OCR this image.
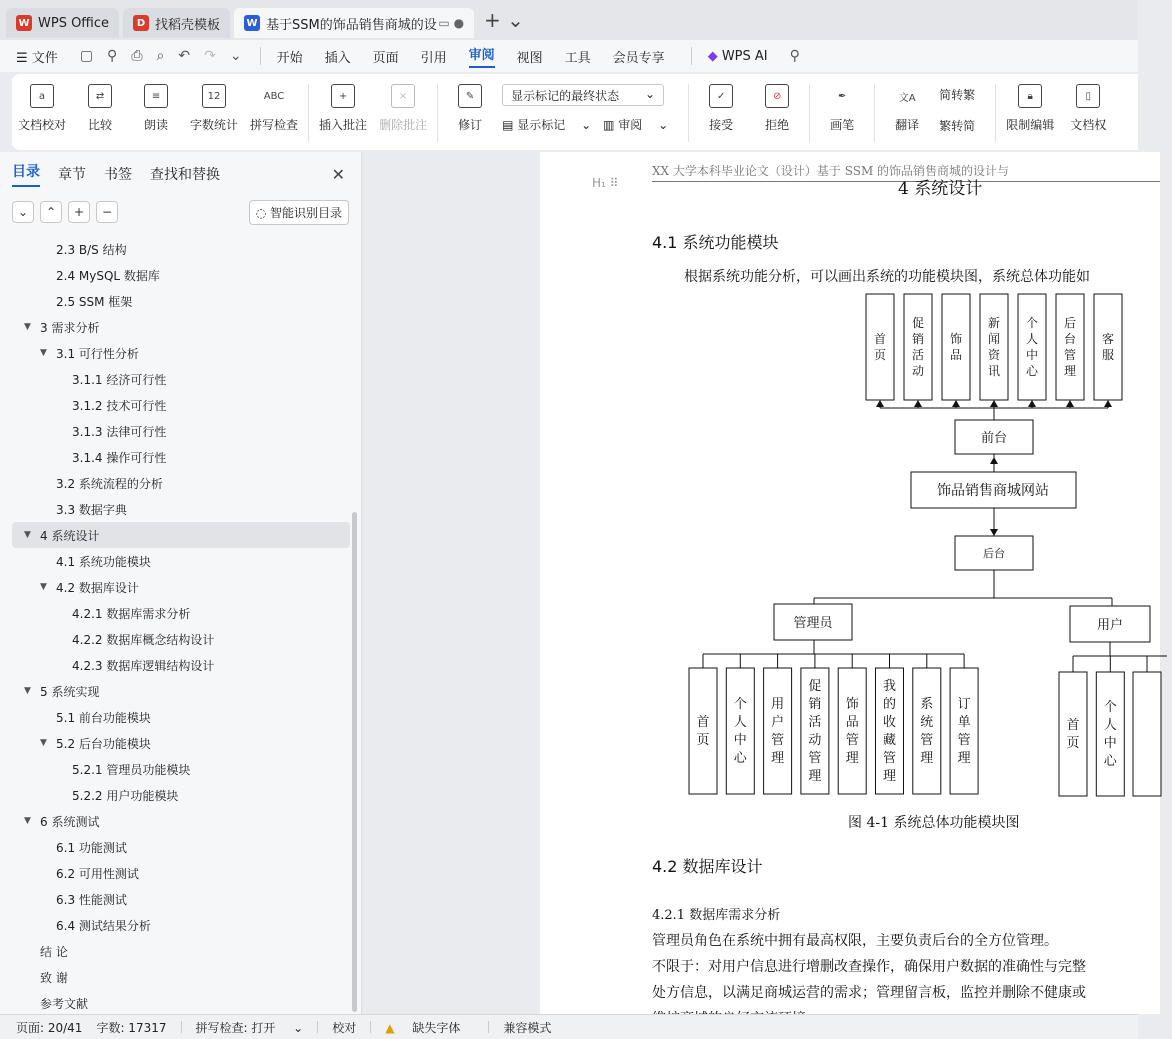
W WPS Office	D 找稻壳模板	W 基于SSM的饰品销售商城的设 ▭ ● + ⌄
☰ 文件 ▢ ⚲ ⎙ ⌕ ↶ ↷ ⌄	开始 插入 页面 引用 审阅 视图 工具 会员专享	◆ WPS AI ⚲
a
文档校对
⇄
比较
≡
朗读
12
字数统计
ABC
拼写检查
+
插入批注
×
删除批注
✎
修订
显示标记的最终状态 ⌄
▤ 显示标记 ⌄ ▥ 审阅 ⌄
✓
接受
⊘
拒绝
✒
画笔
文A
翻译
简转繁
繁转简
🔒︎
限制编辑
▯
文档权
目录 章节 书签 查找和替换	✕
⌄	⌃	+	−	◌ 智能识别目录
2.3 B/S 结构
2.4 MySQL 数据库
2.5 SSM 框架
▼ 3 需求分析
▼ 3.1 可行性分析
3.1.1 经济可行性
3.1.2 技术可行性
3.1.3 法律可行性
3.1.4 操作可行性
3.2 系统流程的分析
3.3 数据字典
▼ 4 系统设计
4.1 系统功能模块
▼ 4.2 数据库设计
4.2.1 数据库需求分析
4.2.2 数据库概念结构设计
4.2.3 数据库逻辑结构设计
▼ 5 系统实现
5.1 前台功能模块
▼ 5.2 后台功能模块
5.2.1 管理员功能模块
5.2.2 用户功能模块
▼ 6 系统测试
6.1 功能测试
6.2 可用性测试
6.3 性能测试
6.4 测试结果分析
结 论
致 谢
参考文献
XX 大学本科毕业论文（设计）基于 SSM 的饰品销售商城的设计与
H₁ ⠿	4 系统设计
4.1 系统功能模块
根据系统功能分析，可以画出系统的功能模块图，系统总体功能如
首页
促销活动
饰品
新闻资讯
个人中心
后台管理
客服
前台
饰品销售商城网站
后台
管理员	用户
首页
个人中心
用户管理
促销活动管理
饰品管理
我的收藏管理
系统管理
订单管理
首页
个人中心
图 4-1 系统总体功能模块图
4.2 数据库设计
4.2.1 数据库需求分析
管理员角色在系统中拥有最高权限，主要负责后台的全方位管理。
不限于：对用户信息进行增删改查操作，确保用户数据的准确性与完整
处方信息，以满足商城运营的需求；管理留言板，监控并删除不健康或
页面: 20/41 字数: 17317 拼写检查: 打开 ⌄ 校对 ▲ 缺失字体	兼容模式
